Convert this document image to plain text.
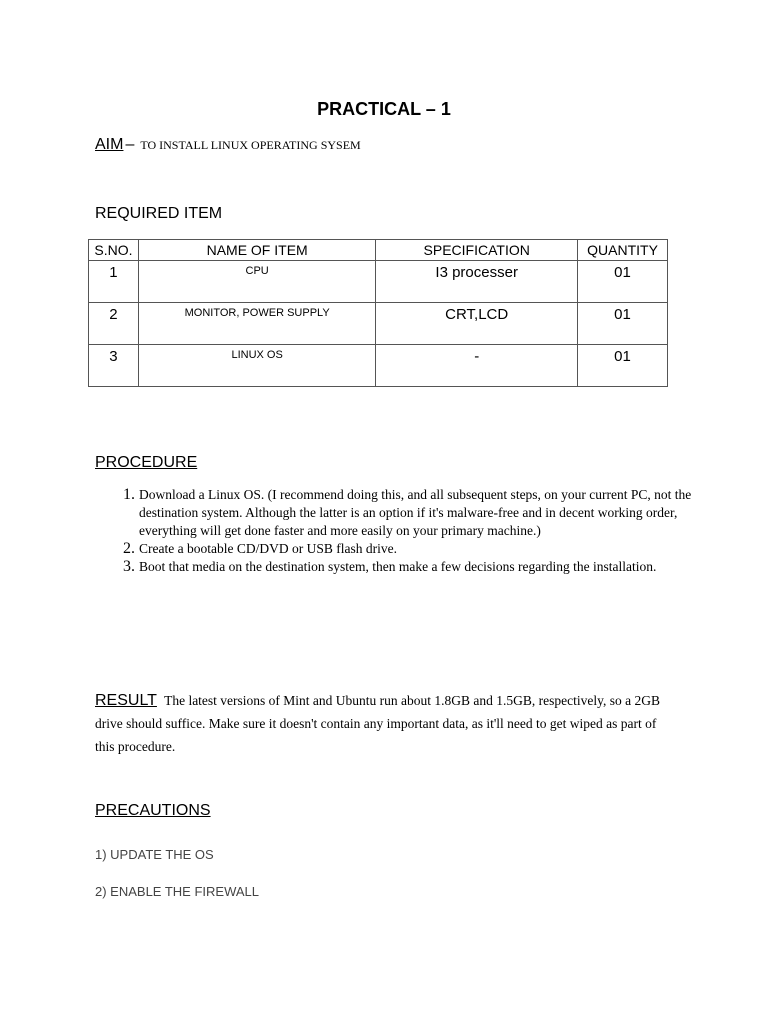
PRACTICAL – 1
AIM – TO INSTALL LINUX OPERATING SYSEM
REQUIRED ITEM
S.NO.	NAME OF ITEM	SPECIFICATION	QUANTITY
1	CPU	I3 processer	01
2	MONITOR, POWER SUPPLY	CRT,LCD	01
3	LINUX OS	-	01
PROCEDURE
1. Download a Linux OS. (I recommend doing this, and all subsequent steps, on your current PC, not the destination system. Although the latter is an option if it's malware-free and in decent working order, everything will get done faster and more easily on your primary machine.)
2. Create a bootable CD/DVD or USB flash drive.
3. Boot that media on the destination system, then make a few decisions regarding the installation.
RESULT The latest versions of Mint and Ubuntu run about 1.8GB and 1.5GB, respectively, so a 2GB drive should suffice. Make sure it doesn't contain any important data, as it'll need to get wiped as part of this procedure.
PRECAUTIONS
1) UPDATE THE OS
2) ENABLE THE FIREWALL
